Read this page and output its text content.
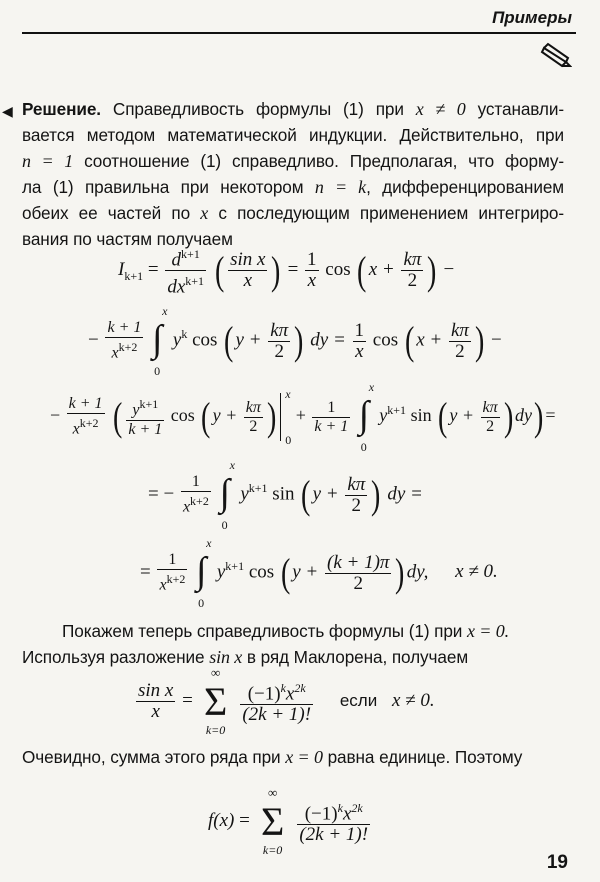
Примеры
◀ Решение. Справедливость формулы (1) при x ≠ 0 устанавли-
вается методом математической индукции. Действительно, при
n = 1 соотношение (1) справедливо. Предполагая, что форму-
ла (1) правильна при некотором n = k, дифференцированием
обеих ее частей по x с последующим применением интегриро-
вания по частям получаем
$I_{k+1} = \frac{d^{k+1}}{dx^{k+1}}$ ( $\frac{\text{sin x}}{x}$ ) = $\frac{1}{x}$ cos ( $x + \frac{k\pi}{2}$ ) −
− $\frac{k + 1}{x^{k+2}}$
∫
x
0
$y^k$ cos ( $y + \frac{k\pi}{2}$ ) dy = $\frac{1}{x}$ cos ( $x + \frac{k\pi}{2}$ ) −
− $\frac{k + 1}{x^{k+2}}$ ( $\frac{y^{k+1}}{k + 1}$ cos ( $y + \frac{k\pi}{2}$ ) x
0
+ $\frac{1}{k + 1}$
∫
x
0
$y^{k+1}$ sin ( $y + \frac{k\pi}{2}$ ) dy) =
= − $\frac{1}{x^{k+2}}$
∫
x
0
$y^{k+1}$ sin ( $y + \frac{k\pi}{2}$ ) dy =
= $\frac{1}{x^{k+2}}$
∫
x
0
$y^{k+1}$ cos ( $y + \frac{(k + 1)\pi}{2}$ ) dy, x ≠ 0.
Покажем теперь справедливость формулы (1) при x = 0.
Используя разложение sin x в ряд Маклорена, получаем
$\frac{\text{sin x}}{x} = \Sigma$
∞
k=0

$\frac{(-1)^kx^{2k}}{(2k + 1)!}$ если x ≠ 0.
Очевидно, сумма этого ряда при x = 0 равна единице. Поэтому
f(x) = Σ
∞
k=0

$\frac{(-1)^kx^{2k}}{(2k + 1)!}$
19
